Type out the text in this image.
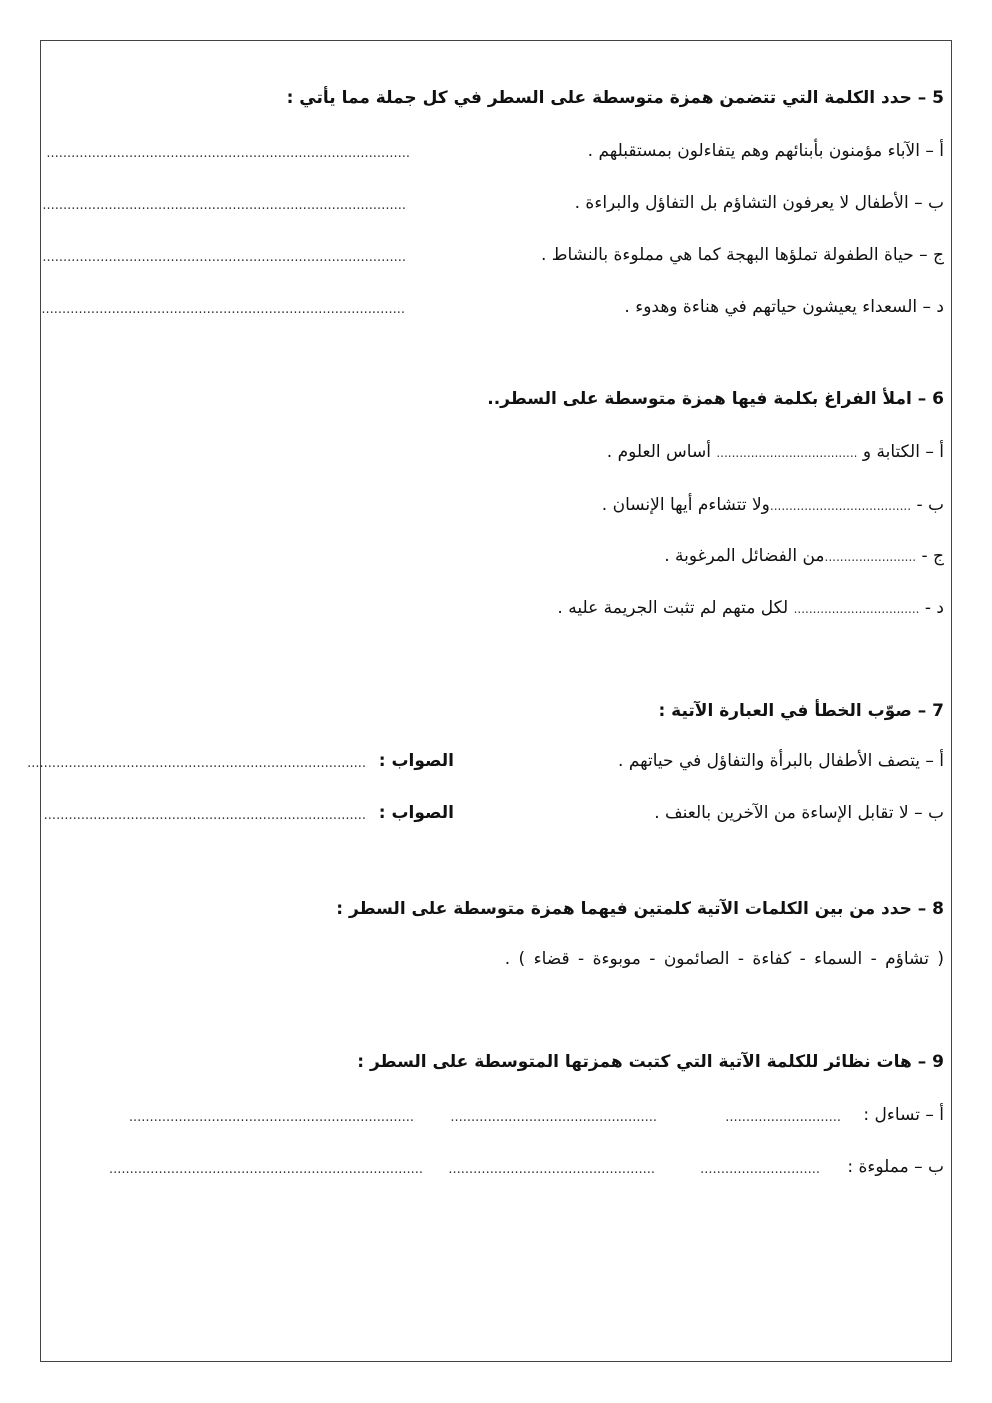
5 – حدد الكلمة التي تتضمن همزة متوسطة على السطر في كل جملة مما يأتي :
أ – الآباء مؤمنون بأبنائهم وهم يتفاءلون بمستقبلهم .
........................................................................................
ب – الأطفال لا يعرفون التشاؤم بل التفاؤل والبراءة .
........................................................................................
ج – حياة الطفولة تملؤها البهجة كما هي مملوءة بالنشاط .
........................................................................................
د – السعداء يعيشون حياتهم في هناءة وهدوء .
........................................................................................
6 – املأ الفراغ بكلمة فيها همزة متوسطة على السطر..
أ – الكتابة و ..................................... أساس العلوم .
ب - .....................................ولا تتشاءم أيها الإنسان .
ج - ........................من الفضائل المرغوبة .
د - ................................. لكل متهم لم تثبت الجريمة عليه .
7 – صوّب الخطأ في العبارة الآتية :
أ – يتصف الأطفال بالبرأة والتفاؤل في حياتهم .
الصواب :
..................................................................................
ب – لا تقابل الإساءة من الآخرين بالعنف .
الصواب :
..............................................................................
8 – حدد من بين الكلمات الآتية كلمتين فيهما همزة متوسطة على السطر :
( تشاؤم - السماء - كفاءة - الصائمون - موبوءة - قضاء ) .
9 – هات نظائر للكلمة الآتية التي كتبت همزتها المتوسطة على السطر :
أ – تساءل :
............................
..................................................
.....................................................................
ب – مملوءة :
.............................
..................................................
............................................................................
